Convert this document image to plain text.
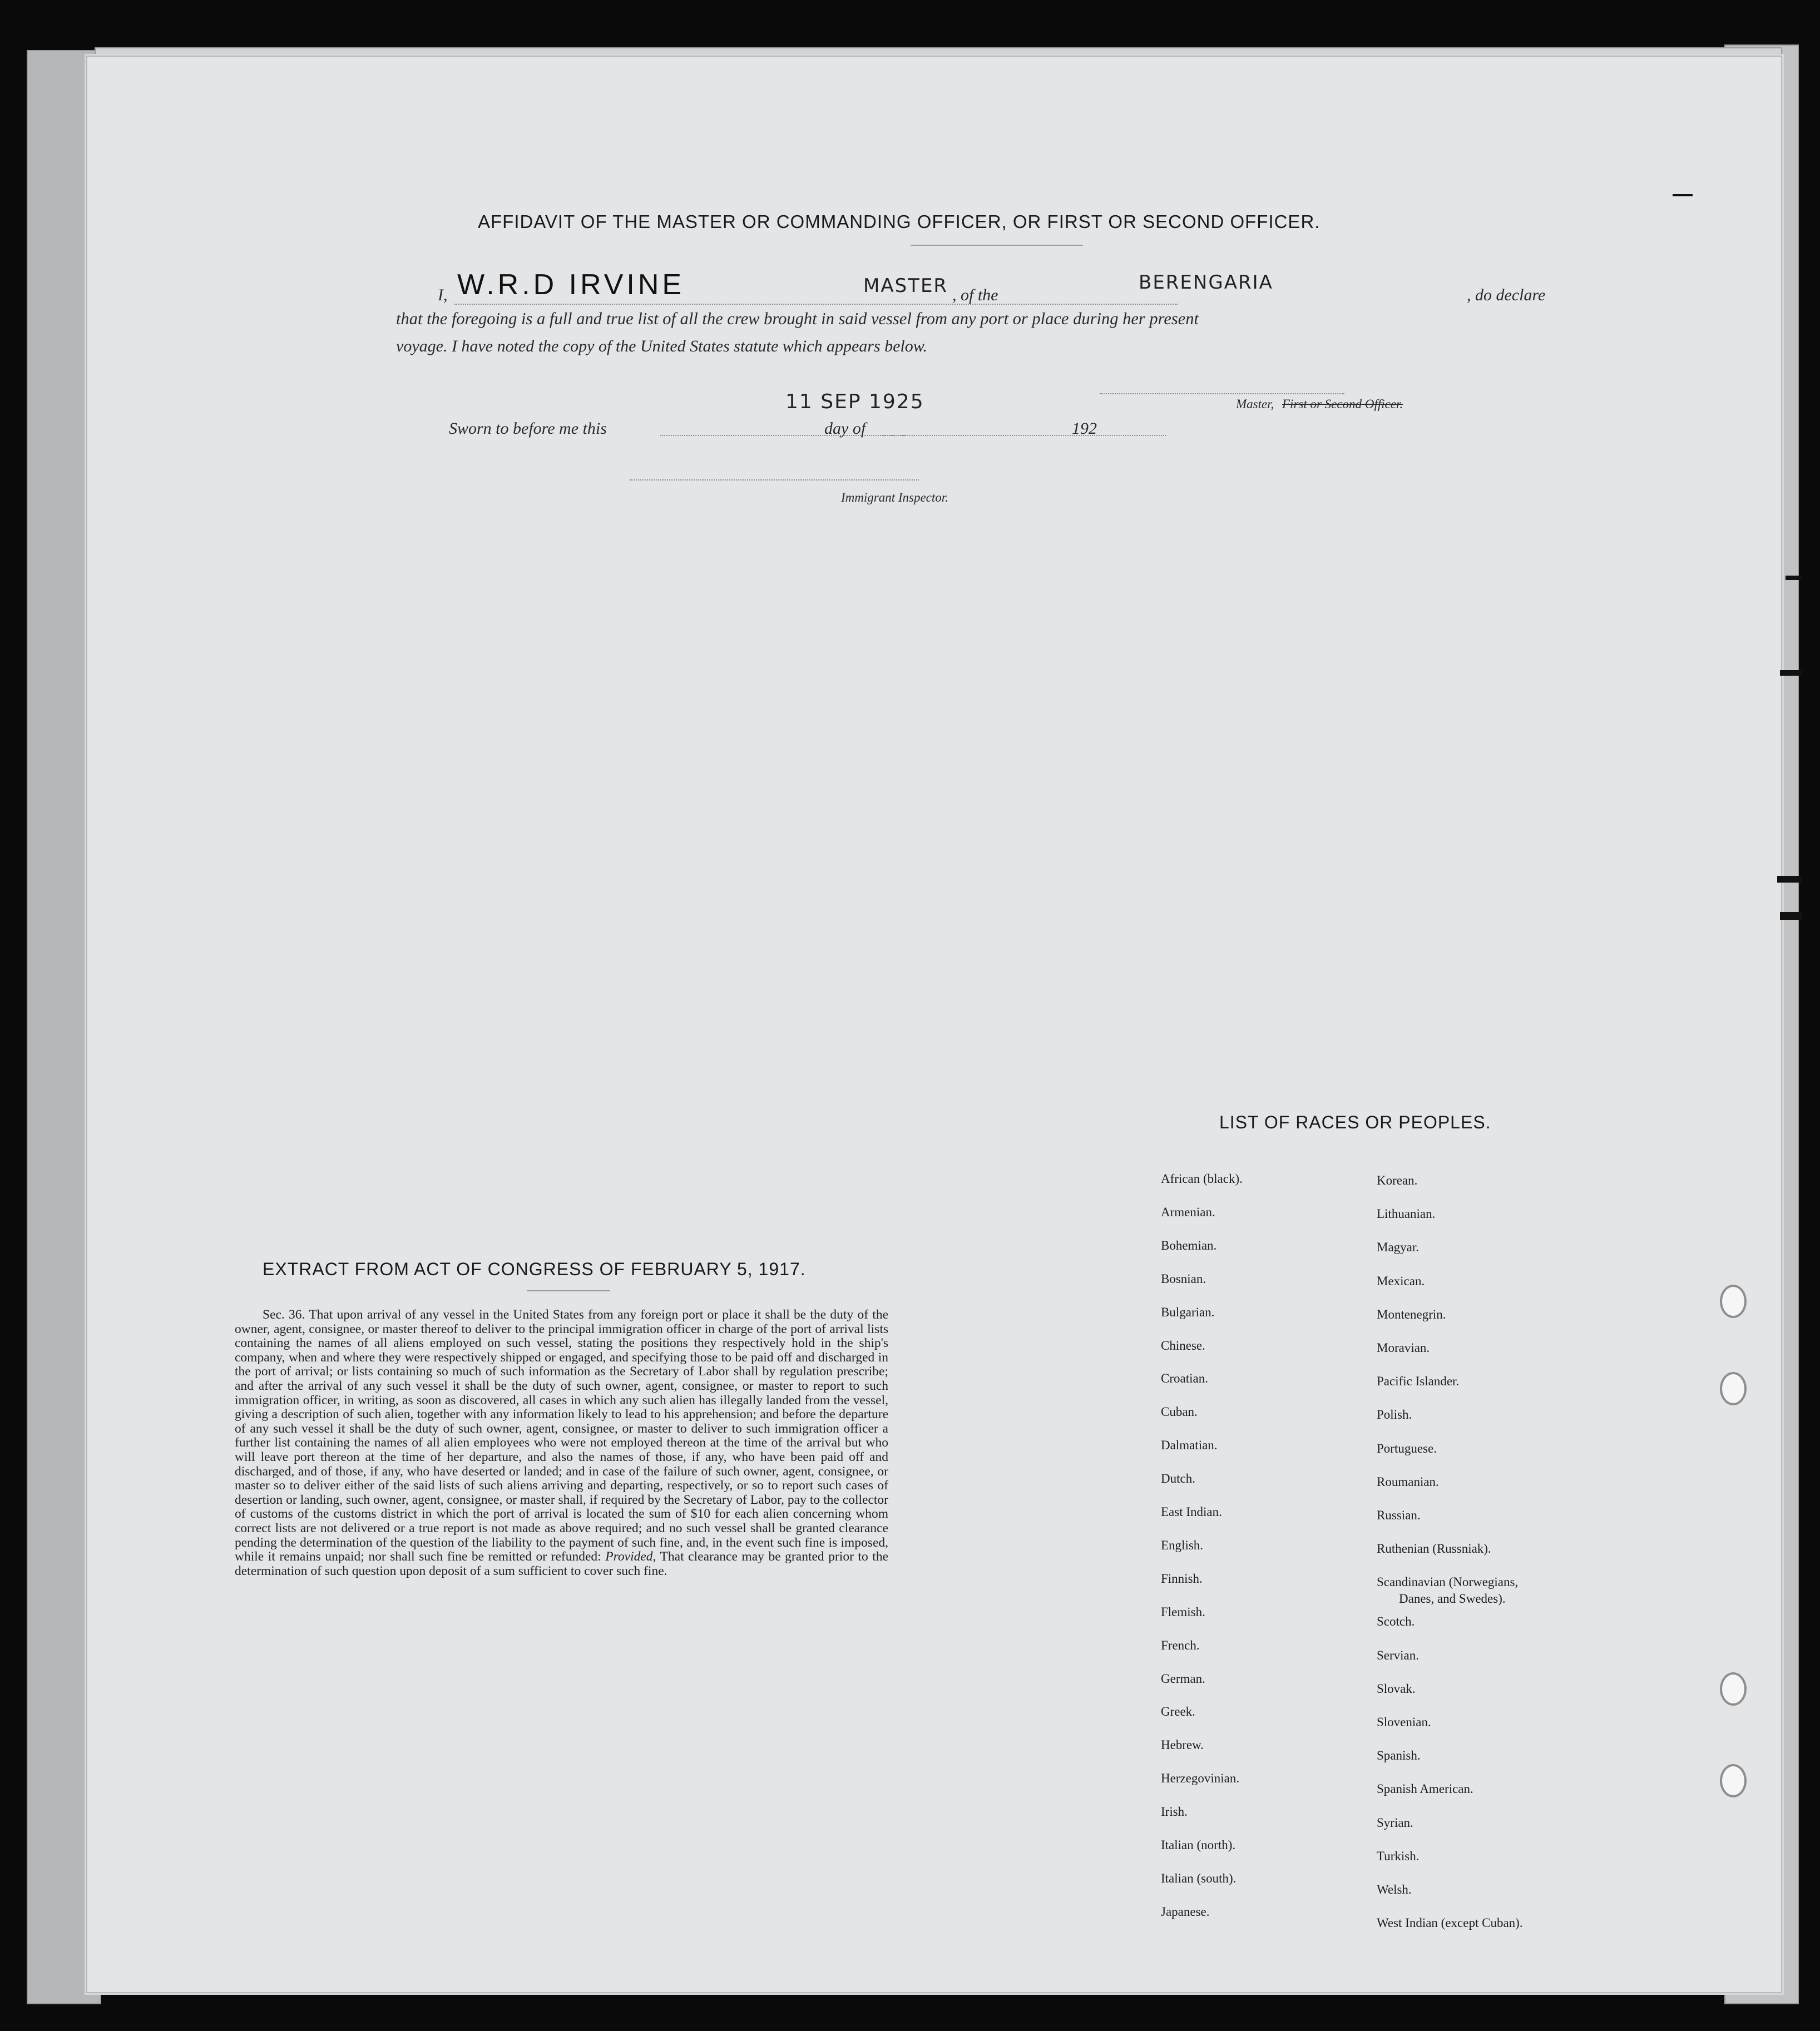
AFFIDAVIT OF THE MASTER OR COMMANDING OFFICER, OR FIRST OR SECOND OFFICER.
I, W.R.D IRVINE	MASTER , of the
BERENGARIA
, do declare
that the foregoing is a full and true list of all the crew brought in said vessel from any port or place during her present
voyage. I have noted the copy of the United States statute which appears below.
Sworn to before me this
11 SEP 1925
day of	192
Master, First or Second Officer.
Immigrant Inspector.
EXTRACT FROM ACT OF CONGRESS OF FEBRUARY 5, 1917.
Sec. 36. That upon arrival of any vessel in the United States from any foreign port or place it shall be the duty of the owner, agent, consignee, or master thereof to deliver to the principal immigration officer in charge of the port of arrival lists containing the names of all aliens employed on such vessel, stating the positions they respectively hold in the ship's company, when and where they were respectively shipped or engaged, and specifying those to be paid off and discharged in the port of arrival; or lists containing so much of such information as the Secretary of Labor shall by regulation prescribe; and after the arrival of any such vessel it shall be the duty of such owner, agent, consignee, or master to report to such immigration officer, in writing, as soon as discovered, all cases in which any such alien has illegally landed from the vessel, giving a description of such alien, together with any information likely to lead to his apprehension; and before the departure of any such vessel it shall be the duty of such owner, agent, consignee, or master to deliver to such immigration officer a further list containing the names of all alien employees who were not employed thereon at the time of the arrival but who will leave port thereon at the time of her departure, and also the names of those, if any, who have been paid off and discharged, and of those, if any, who have deserted or landed; and in case of the failure of such owner, agent, consignee, or master so to deliver either of the said lists of such aliens arriving and departing, respectively, or so to report such cases of desertion or landing, such owner, agent, consignee, or master shall, if required by the Secretary of Labor, pay to the collector of customs of the customs district in which the port of arrival is located the sum of $10 for each alien concerning whom correct lists are not delivered or a true report is not made as above required; and no such vessel shall be granted clearance pending the determination of the question of the liability to the payment of such fine, and, in the event such fine is imposed, while it remains unpaid; nor shall such fine be remitted or refunded: Provided, That clearance may be granted prior to the determination of such question upon deposit of a sum sufficient to cover such fine.
LIST OF RACES OR PEOPLES.
African (black).
Armenian.
Bohemian.
Bosnian.
Bulgarian.
Chinese.
Croatian.
Cuban.
Dalmatian.
Dutch.
East Indian.
English.
Finnish.
Flemish.
French.
German.
Greek.
Hebrew.
Herzegovinian.
Irish.
Italian (north).
Italian (south).
Japanese.
Korean.
Lithuanian.
Magyar.
Mexican.
Montenegrin.
Moravian.
Pacific Islander.
Polish.
Portuguese.
Roumanian.
Russian.
Ruthenian (Russniak).
Scandinavian (Norwegians,
Danes, and Swedes).
Scotch.
Servian.
Slovak.
Slovenian.
Spanish.
Spanish American.
Syrian.
Turkish.
Welsh.
West Indian (except Cuban).
